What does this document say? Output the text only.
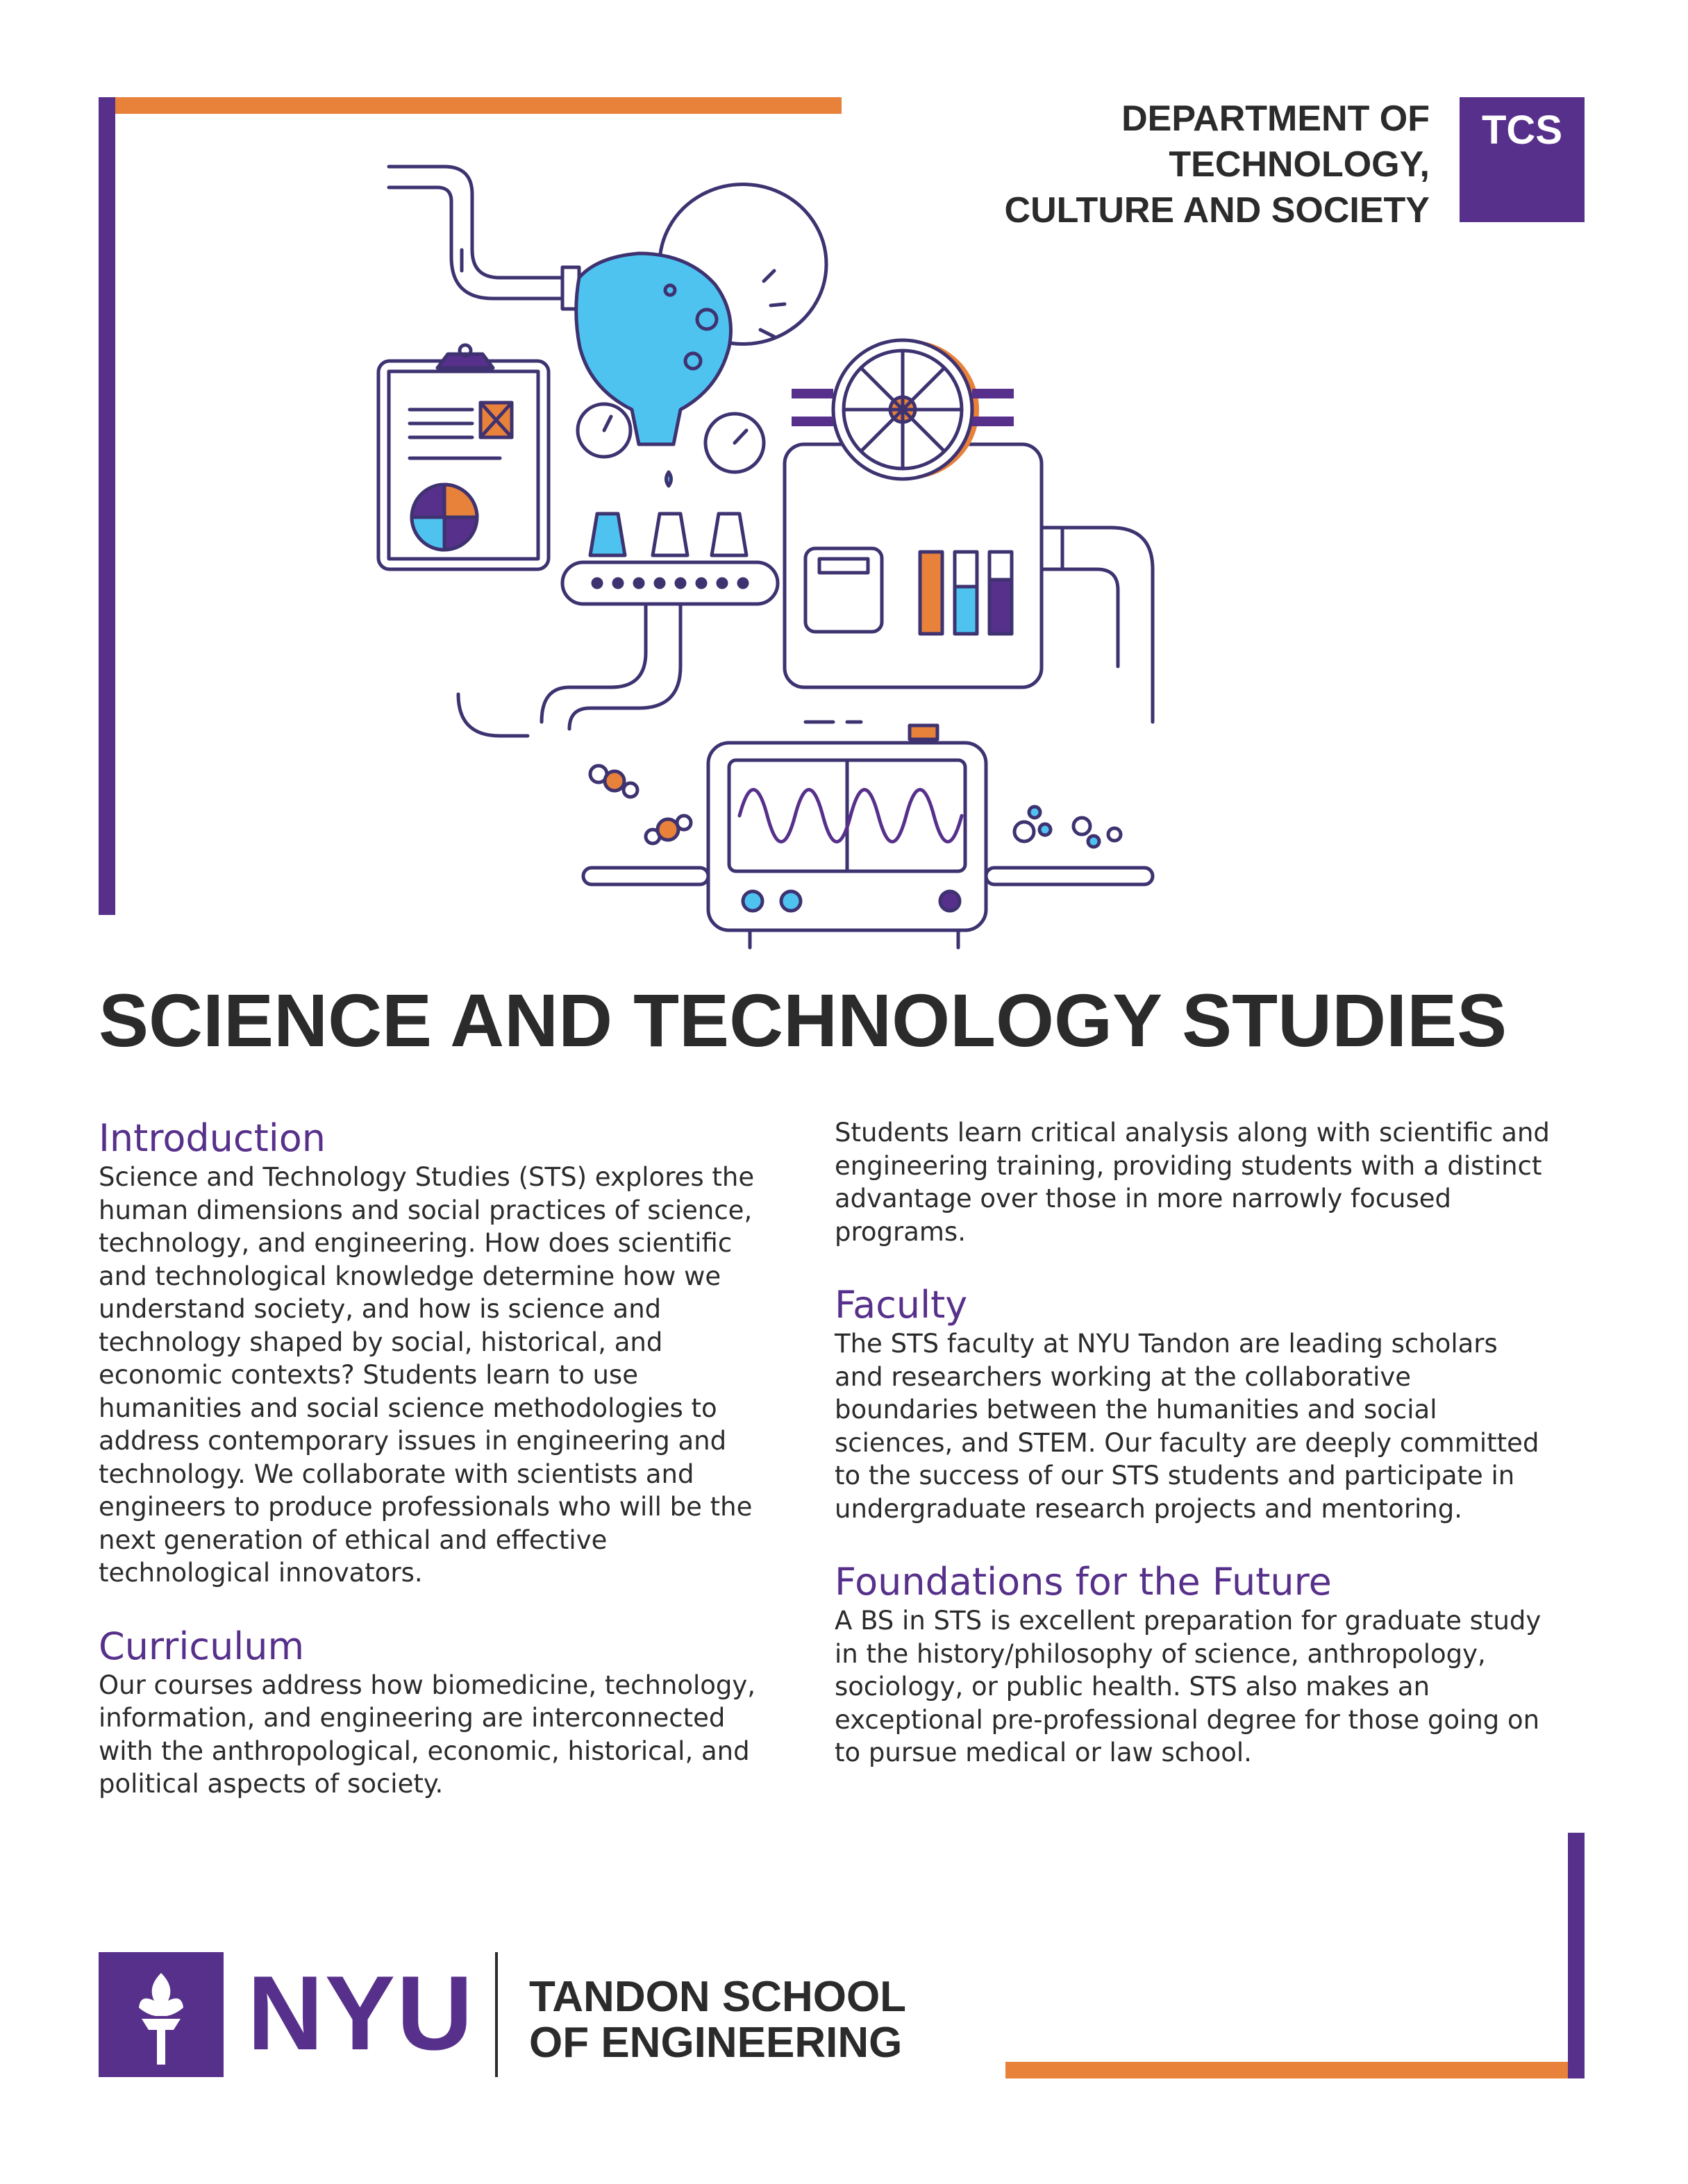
DEPARTMENT OF
TECHNOLOGY,
CULTURE AND SOCIETY
TCS
SCIENCE AND TECHNOLOGY STUDIES
Introduction

Science and Technology Studies (STS) explores the human dimensions and social practices of science, technology, and engineering. How does scientific and technological knowledge determine how we understand society, and how is science and technology shaped by social, historical, and economic contexts? Students learn to use humanities and social science methodologies to address contemporary issues in engineering and technology. We collaborate with scientists and engineers to produce professionals who will be the next generation of ethical and effective technological innovators.

Curriculum

Our courses address how biomedicine, technology, information, and engineering are interconnected with the anthropological, economic, historical, and political aspects of society.

Students learn critical analysis along with scientific and engineering training, providing students with a distinct advantage over those in more narrowly focused programs.

Faculty

The STS faculty at NYU Tandon are leading scholars and researchers working at the collaborative boundaries between the humanities and social sciences, and STEM. Our faculty are deeply committed to the success of our STS students and participate in undergraduate research projects and mentoring.

Foundations for the Future

A BS in STS is excellent preparation for graduate study in the history/philosophy of science, anthropology, sociology, or public health. STS also makes an exceptional pre-professional degree for those going on to pursue medical or law school.

NYU TANDON SCHOOL
OF ENGINEERING
